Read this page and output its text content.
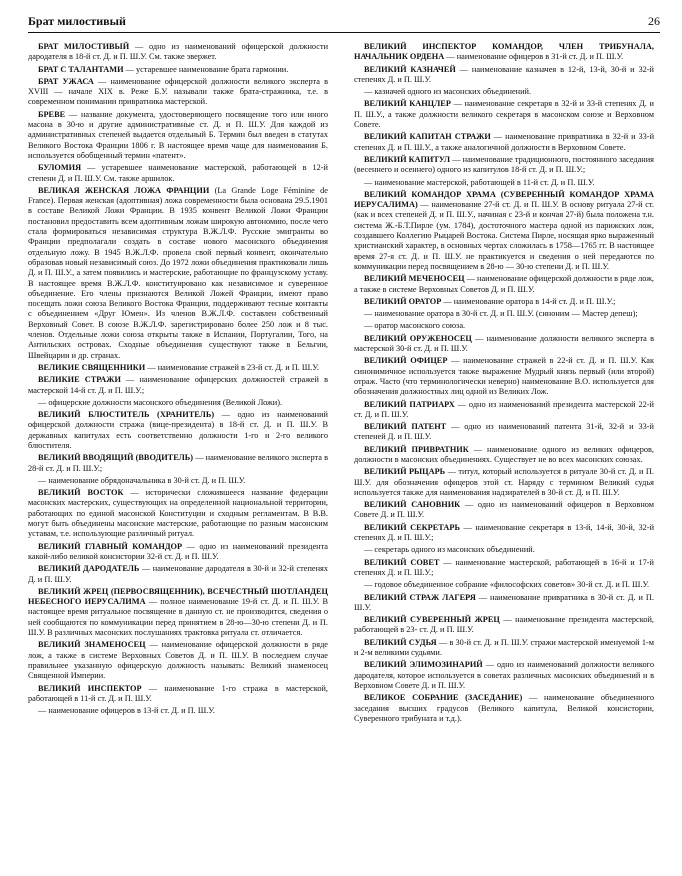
Брат милостивый	26

БРАТ МИЛОСТИВЫЙ — одно из наименований офицерской должности дародателя в 18-й ст. Д. и П. Ш.У. См. также эвержет.

БРАТ С ТАЛАНТАМИ — устаревшее наименование брата гармонии.

БРАТ УЖАСА — наименование офицерской должности великого эксперта в XVIII — начале XIX в. Реже Б.У. называли также брата-стражника, т.е. в современном понимании привратника мастерской.

БРЕВЕ — название документа, удостоверяющего посвящение того или иного масона в 30-ю и другие административные ст. Д. и П. Ш.У. Для каждой из административных степеней выдается отдельный Б. Термин был введен в статутах Великого Востока Франции 1806 г. В настоящее время чаще для наименования Б. используется обобщенный термин «патент».

БУЛОМИЯ — устаревшее наименование мастерской, работающей в 12-й степени Д. и П. Ш.У. См. также аршилок.

ВЕЛИКАЯ ЖЕНСКАЯ ЛОЖА ФРАНЦИИ (La Grande Loge Féminine de France). Первая женская (адоптивная) ложа современности была основана 29.5.1901 в составе Великой Ложи Франции. В 1935 конвент Великой Ложи Франции постановил предоставить всем адоптивным ложам широкую автономию, после чего стала формироваться независимая структура В.Ж.Л.Ф. Русские эмигранты во Франции предполагали создать в составе нового масонского объединения отдельную ложу. В 1945 В.Ж.Л.Ф. провела свой первый конвент, окончательно образовав новый независимый союз. До 1972 ложи объединения практиковали лишь Д. и П. Ш.У., а затем появились и мастерские, работающие по французскому уставу. В настоящее время В.Ж.Л.Ф. конституировано как независимое и суверенное объединение. Его члены признаются Великой Ложей Франции, имеют право посещать ложи союза Великого Востока Франции, поддерживают тесные контакты с объединением «Друг Юмен». Из членов В.Ж.Л.Ф. составлен собственный Верховный Совет. В союзе В.Ж.Л.Ф. зарегистрировано более 250 лож и 8 тыс. членов. Отдельные ложи союза открыты также в Испании, Португалии, Того, на Антильских островах. Сходные объединения существуют также в Бельгии, Швейцарии и др. странах.

ВЕЛИКИЕ СВЯЩЕННИКИ — наименование стражей в 23-й ст. Д. и П. Ш.У.

ВЕЛИКИЕ СТРАЖИ — наименование офицерских должностей стражей в мастерской 14-й ст. Д. и П. Ш.У.;

— офицерские должности масонского объединения (Великой Ложи).

ВЕЛИКИЙ БЛЮСТИТЕЛЬ (ХРАНИТЕЛЬ) — одно из наименований офицерской должности стража (вице-президента) в 18-й ст. Д. и П. Ш.У. В державных капитулах есть соответственно должности 1-го и 2-го великого блюстителя.

ВЕЛИКИЙ ВВОДЯЩИЙ (ВВОДИТЕЛЬ) — наименование великого эксперта в 28-й ст. Д. и П. Ш.У.;

— наименование обрядоначальника в 30-й ст. Д. и П. Ш.У.

ВЕЛИКИЙ ВОСТОК — исторически сложившееся название федерации масонских мастерских, существующих на определенной национальной территории, работающих по единой масонской Конституции и сходным регламентам. В В.В. могут быть объединены масонские мастерские, работающие по разным масонским уставам, т.е. использующие различный ритуал.

ВЕЛИКИЙ ГЛАВНЫЙ КОМАНДОР — одно из наименований президента какой-либо великой консистории 32-й ст. Д. и П. Ш.У.

ВЕЛИКИЙ ДАРОДАТЕЛЬ — наименование дародателя в 30-й и 32-й степенях Д. и П. Ш.У.

ВЕЛИКИЙ ЖРЕЦ (ПЕРВОСВЯЩЕННИК), ВСЕЧЕСТНЫЙ ШОТЛАНДЕЦ НЕБЕСНОГО ИЕРУСАЛИМА — полное наименование 19-й ст. Д. и П. Ш.У. В настоящее время ритуальное посвящение в данную ст. не производится, сведения о ней сообщаются по коммуникации перед принятием в 28-ю—30-ю степени Д. и П. Ш.У. В различных масонских послушаниях трактовка ритуала ст. отличается.

ВЕЛИКИЙ ЗНАМЕНОСЕЦ — наименование офицерской должности в ряде лож, а также в системе Верховных Советов Д. и П. Ш.У. В последнем случае правильнее указанную офицерскую должность называть: Великий знаменосец Священной Империи.

ВЕЛИКИЙ ИНСПЕКТОР — наименование 1-го стража в мастерской, работающей в 11-й ст. Д. и П. Ш.У.

— наименование офицеров в 13-й ст. Д. и П. Ш.У.

ВЕЛИКИЙ ИНСПЕКТОР КОМАНДОР, ЧЛЕН ТРИБУНАЛА, НАЧАЛЬНИК ОРДЕНА — наименование офицеров в 31-й ст. Д. и П. Ш.У.

ВЕЛИКИЙ КАЗНАЧЕЙ — наименование казначея в 12-й, 13-й, 30-й и 32-й степенях Д. и П. Ш.У.

— казначей одного из масонских объединений.

ВЕЛИКИЙ КАНЦЛЕР — наименование секретаря в 32-й и 33-й степенях Д. и П. Ш.У., а также должности великого секретаря в масонском союзе и Верховном Совете.

ВЕЛИКИЙ КАПИТАН СТРАЖИ — наименование привратника в 32-й и 33-й степенях Д. и П. Ш.У., а также аналогичной должности в Верховном Совете.

ВЕЛИКИЙ КАПИТУЛ — наименование традиционного, постоянного заседания (весеннего и осеннего) одного из капитулов 18-й ст. Д. и П. Ш.У.;

— наименование мастерской, работающей в 11-й ст. Д. и П. Ш.У.

ВЕЛИКИЙ КОМАНДОР ХРАМА (СУВЕРЕННЫЙ КОМАНДОР ХРАМА ИЕРУСАЛИМА) — наименование 27-й ст. Д. и П. Ш.У. В основу ритуала 27-й ст. (как и всех степеней Д. и П. Ш.У., начиная с 23-й и кончая 27-й) была положена т.н. система Ж.-Б.Т.Пирле (ум. 1784), достоточного мастера одной из парижских лож, создавшего Коллегию Рыцарей Востока. Система Пирле, носящая ярко выраженный христианский характер, в основных чертах сложилась в 1758—1765 гг. В настоящее время 27-я ст. Д. и П. Ш.У. не практикуется и сведения о ней передаются по коммуникации перед посвящением в 28-ю — 30-ю степени Д. и П. Ш.У.

ВЕЛИКИЙ МЕЧЕНОСЕЦ — наименование офицерской должности в ряде лож, а также в системе Верховных Советов Д. и П. Ш.У.

ВЕЛИКИЙ ОРАТОР — наименование оратора в 14-й ст. Д. и П. Ш.У.;

— наименование оратора в 30-й ст. Д. и П. Ш.У. (синоним — Мастер депеш);

— оратор масонского союза.

ВЕЛИКИЙ ОРУЖЕНОСЕЦ — наименование должности великого эксперта в мастерской 30-й ст. Д. и П. Ш.У.

ВЕЛИКИЙ ОФИЦЕР — наименование стражей в 22-й ст. Д. и П. Ш.У. Как синонимичное используется также выражение Мудрый князь первый (или второй) отраж. Часто (что терминологически неверно) наименование В.О. используется для обозначения должностных лиц одной из Великих Лож.

ВЕЛИКИЙ ПАТРИАРХ — одно из наименований президента мастерской 22-й ст. Д. и П. Ш.У.

ВЕЛИКИЙ ПАТЕНТ — одно из наименований патента 31-й, 32-й и 33-й степеней Д. и П. Ш.У.

ВЕЛИКИЙ ПРИВРАТНИК — наименование одного из великих офицеров, должности в масонских объединениях. Существует не во всех масонских союзах.

ВЕЛИКИЙ РЫЦАРЬ — титул, который используется в ритуале 30-й ст. Д. и П. Ш.У. для обозначения офицеров этой ст. Наряду с термином Великий судья используется также для наименования надзирателей в 30-й ст. Д. и П. Ш.У.

ВЕЛИКИЙ САНОВНИК — одно из наименований офицеров в Верховном Совете Д. и П. Ш.У.

ВЕЛИКИЙ СЕКРЕТАРЬ — наименование секретаря в 13-й, 14-й, 30-й, 32-й степенях Д. и П. Ш.У.;

— секретарь одного из масонских объединений.

ВЕЛИКИЙ СОВЕТ — наименование мастерской, работающей в 16-й и 17-й степенях Д. и П. Ш.У.;

— годовое объединенное собрание «философских советов» 30-й ст. Д. и П. Ш.У.

ВЕЛИКИЙ СТРАЖ ЛАГЕРЯ — наименование привратника в 30-й ст. Д. и П. Ш.У.

ВЕЛИКИЙ СУВЕРЕННЫЙ ЖРЕЦ — наименование президента мастерской, работающей в 23- ст. Д. и П. Ш.У.

ВЕЛИКИЙ СУДЬЯ — в 30-й ст. Д. и П. Ш.У. стражи мастерской именуемой 1-м и 2-м великими судьями.

ВЕЛИКИЙ ЭЛИМОЗИНАРИЙ — одно из наименований должности великого дародателя, которое используется в советах различных масонских объединений и в Верховном Совете Д. и П. Ш.У.

ВЕЛИКОЕ СОБРАНИЕ (ЗАСЕДАНИЕ) — наименование объединенного заседания высших градусов (Великого капитула, Великой консистории, Суверенного трибуната и т.д.).
